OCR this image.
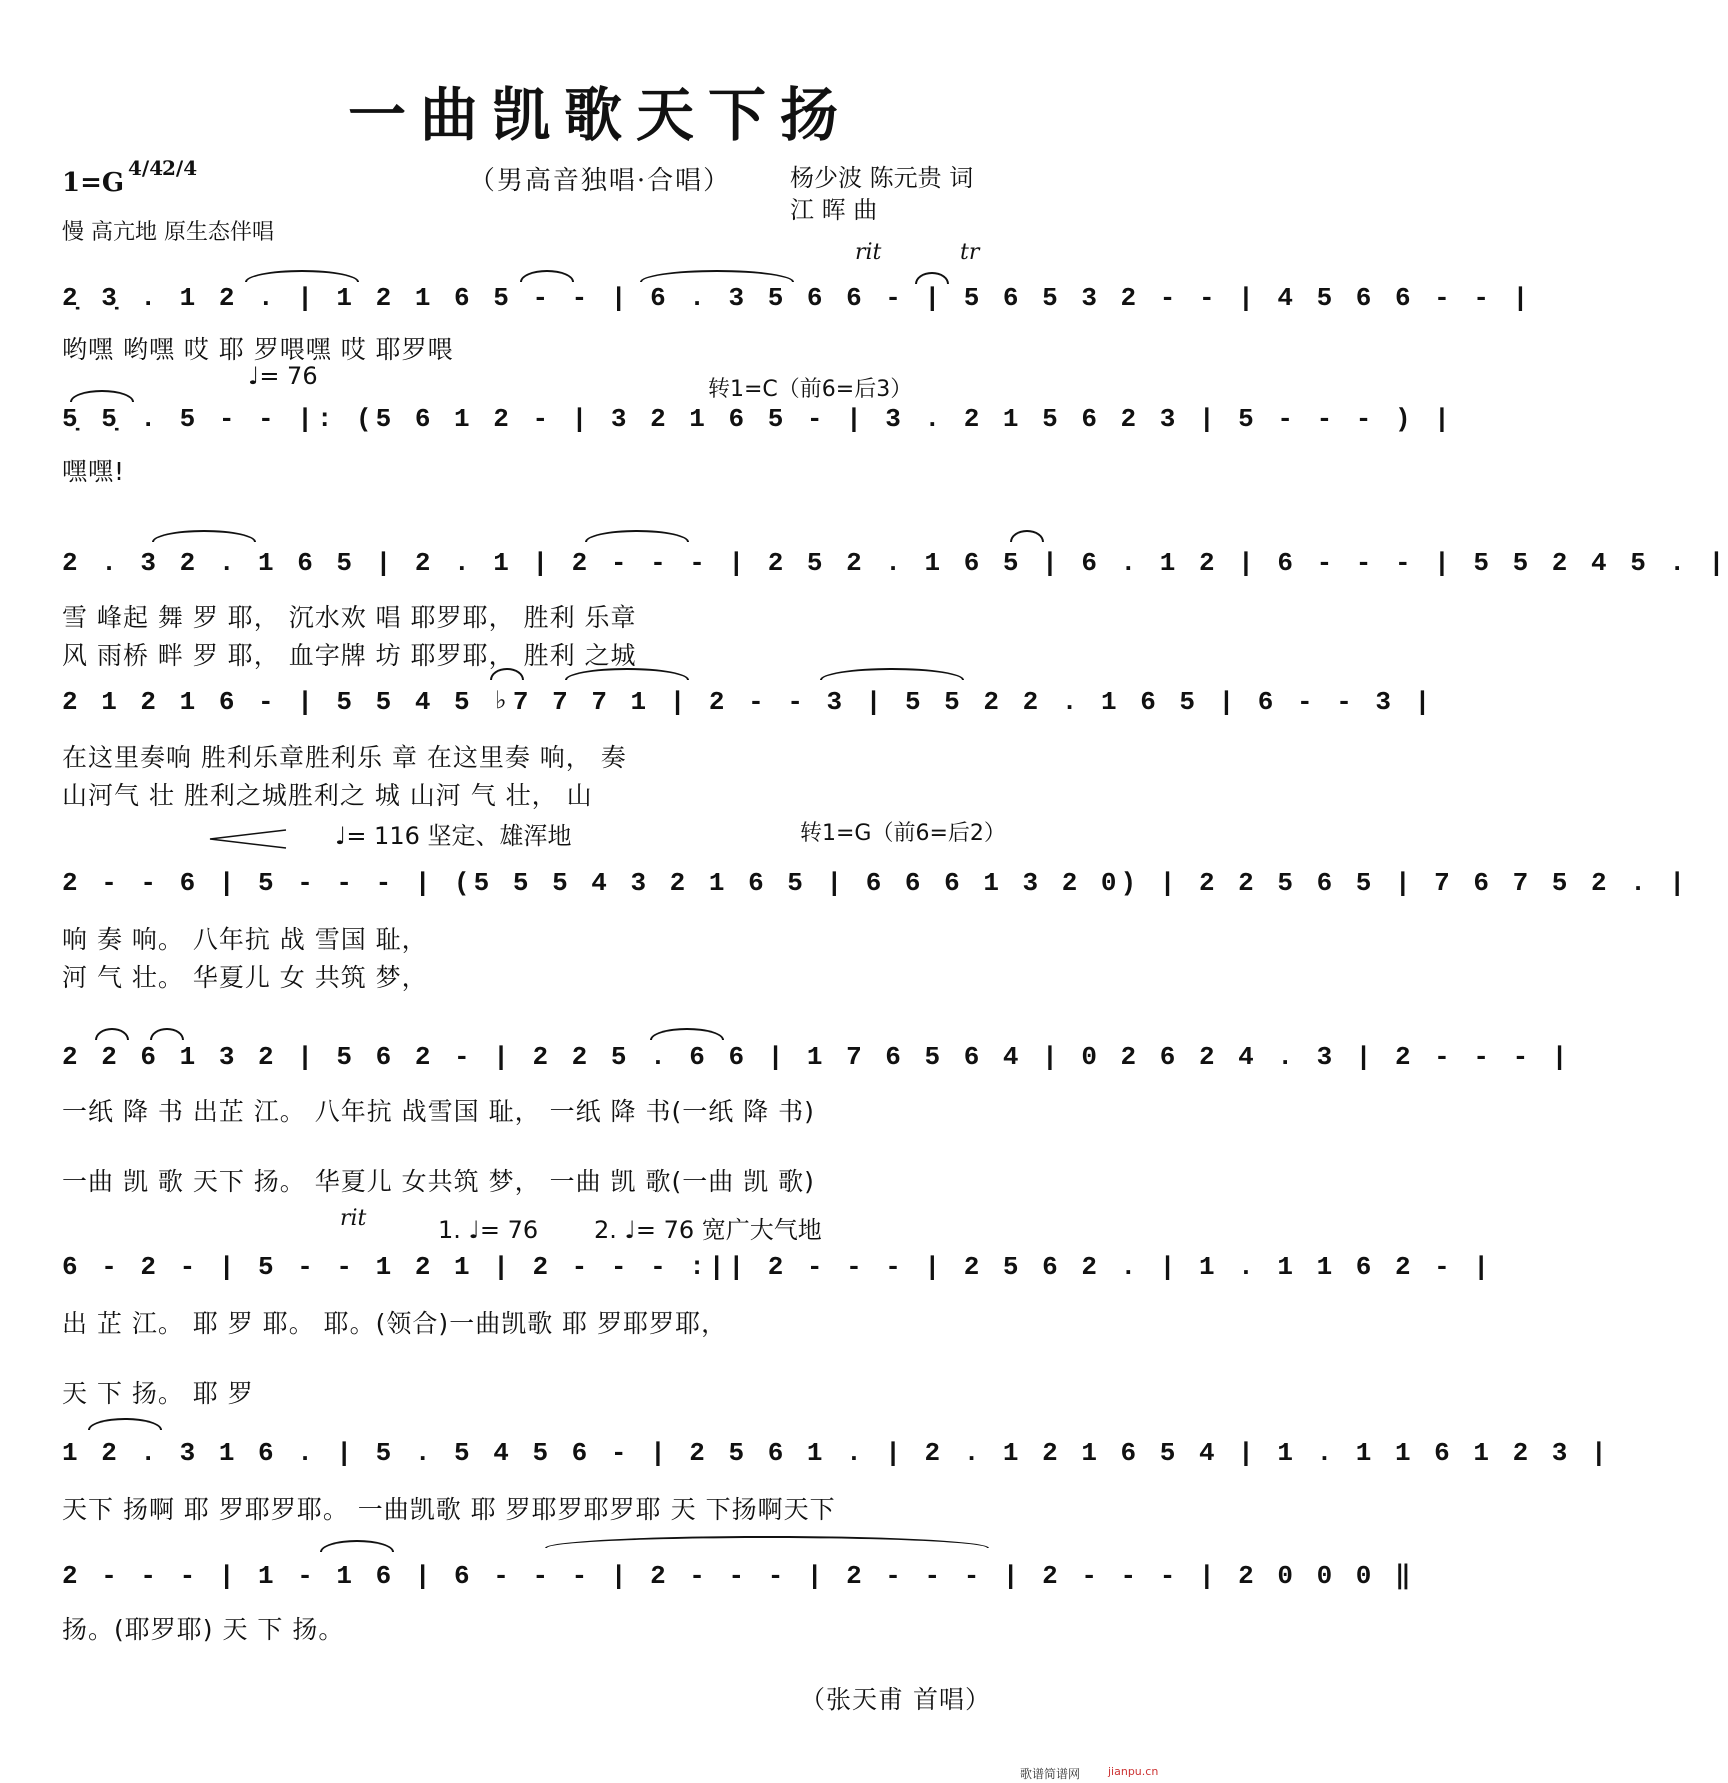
一曲凯歌天下扬
（男高音独唱·合唱）
1=G 4/4
2/4	杨少波 陈元贵 词
江 晖 曲
慢 高亢地 原生态伴唱
rit	tr
2̣ 3̣ . 1 2 . | 1 2 1 6 5 - - | 6 . 3 5 6 6 - | 5 6 5 3 2 - - | 4 5 6 6 - - |
哟嘿 哟嘿 哎 耶 罗喂嘿 哎 耶罗喂
♩= 76	转1=C（前6=后3）
5̣ 5̣ . 5 - - |: (5 6 1 2 - | 3 2 1 6 5 - | 3 . 2 1 5 6 2 3 | 5 - - - ) |
嘿嘿!
2 . 3 2 . 1 6 5 | 2 . 1 | 2 - - - | 2 5 2 . 1 6 5 | 6 . 1 2 | 6 - - - | 5 5 2 4 5 . |
雪 峰起 舞 罗 耶， 沉水欢 唱 耶罗耶， 胜利 乐章
风 雨桥 畔 罗 耶， 血字牌 坊 耶罗耶， 胜利 之城
2 1 2 1 6 - | 5 5 4 5 ♭7 7 7 1 | 2 - - 3 | 5 5 2 2 . 1 6 5 | 6 - - 3 |
在这里奏响 胜利乐章胜利乐 章 在这里奏 响， 奏
山河气 壮 胜利之城胜利之 城 山河 气 壮， 山
♩= 116 坚定、雄浑地	转1=G（前6=后2）
2 - - 6 | 5 - - - | (5 5 5 4 3 2 1 6 5 | 6 6 6 1 3 2 0) | 2 2 5 6 5 | 7 6 7 5 2 . |
响 奏 响。 八年抗 战 雪国 耻，
河 气 壮。 华夏儿 女 共筑 梦，
2 2 6 1 3 2 | 5 6 2 - | 2 2 5 . 6 6 | 1 7 6 5 6 4 | 0 2 6 2 4 . 3 | 2 - - - |
一纸 降 书 出芷 江。 八年抗 战雪国 耻， 一纸 降 书(一纸 降 书)
一曲 凯 歌 天下 扬。 华夏儿 女共筑 梦， 一曲 凯 歌(一曲 凯 歌)
rit	1. ♩= 76 2. ♩= 76 宽广大气地
6 - 2 - | 5 - - 1 2 1 | 2 - - - :|| 2 - - - | 2 5 6 2 . | 1 . 1 1 6 2 - |
出 芷 江。 耶 罗 耶。 耶。(领合)一曲凯歌 耶 罗耶罗耶，
天 下 扬。 耶 罗
1 2 . 3 1 6 . | 5 . 5 4 5 6 - | 2 5 6 1 . | 2 . 1 2 1 6 5 4 | 1 . 1 1 6 1 2 3 |
天下 扬啊 耶 罗耶罗耶。 一曲凯歌 耶 罗耶罗耶罗耶 天 下扬啊天下
2 - - - | 1 - 1 6 | 6 - - - | 2 - - - | 2 - - - | 2 - - - | 2 0 0 0 ‖
扬。(耶罗耶) 天 下 扬。
（张天甫 首唱）
歌谱简谱网	jianpu.cn
